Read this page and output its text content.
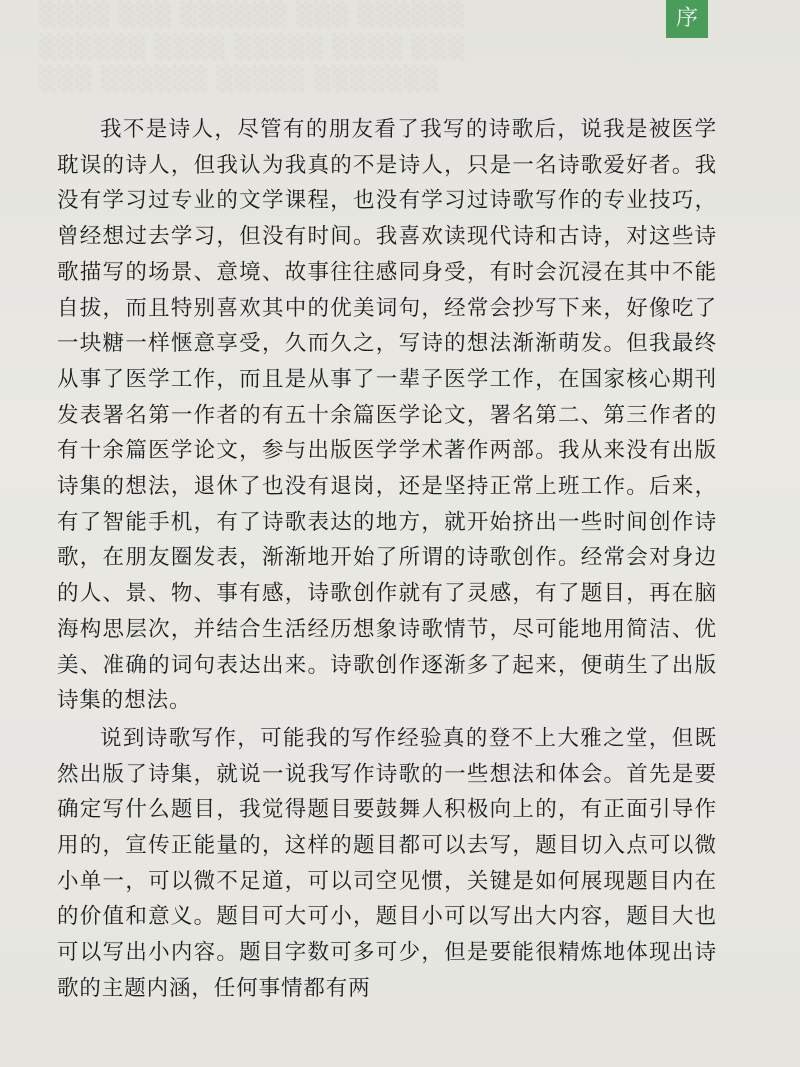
░░░░ ░░░ ░░░░░░ ░░░ ░░░░░░
░░░░░░ ░░░░ ░░░░░ ░░░░ ░░░
░░░ ░░░░░░ ░░░░░ ░░░░░░░
序

我不是诗人，尽管有的朋友看了我写的诗歌后，说我是被医学耽误的诗人，但我认为我真的不是诗人，只是一名诗歌爱好者。我没有学习过专业的文学课程，也没有学习过诗歌写作的专业技巧，曾经想过去学习，但没有时间。我喜欢读现代诗和古诗，对这些诗歌描写的场景、意境、故事往往感同身受，有时会沉浸在其中不能自拔，而且特别喜欢其中的优美词句，经常会抄写下来，好像吃了一块糖一样惬意享受，久而久之，写诗的想法渐渐萌发。但我最终从事了医学工作，而且是从事了一辈子医学工作，在国家核心期刊发表署名第一作者的有五十余篇医学论文，署名第二、第三作者的有十余篇医学论文，参与出版医学学术著作两部。我从来没有出版诗集的想法，退休了也没有退岗，还是坚持正常上班工作。后来，有了智能手机，有了诗歌表达的地方，就开始挤出一些时间创作诗歌，在朋友圈发表，渐渐地开始了所谓的诗歌创作。经常会对身边的人、景、物、事有感，诗歌创作就有了灵感，有了题目，再在脑海构思层次，并结合生活经历想象诗歌情节，尽可能地用简洁、优美、准确的词句表达出来。诗歌创作逐渐多了起来，便萌生了出版诗集的想法。

说到诗歌写作，可能我的写作经验真的登不上大雅之堂，但既然出版了诗集，就说一说我写作诗歌的一些想法和体会。首先是要确定写什么题目，我觉得题目要鼓舞人积极向上的，有正面引导作用的，宣传正能量的，这样的题目都可以去写，题目切入点可以微小单一，可以微不足道，可以司空见惯，关键是如何展现题目内在的价值和意义。题目可大可小，题目小可以写出大内容，题目大也可以写出小内容。题目字数可多可少，但是要能很精炼地体现出诗歌的主题内涵，任何事情都有两
